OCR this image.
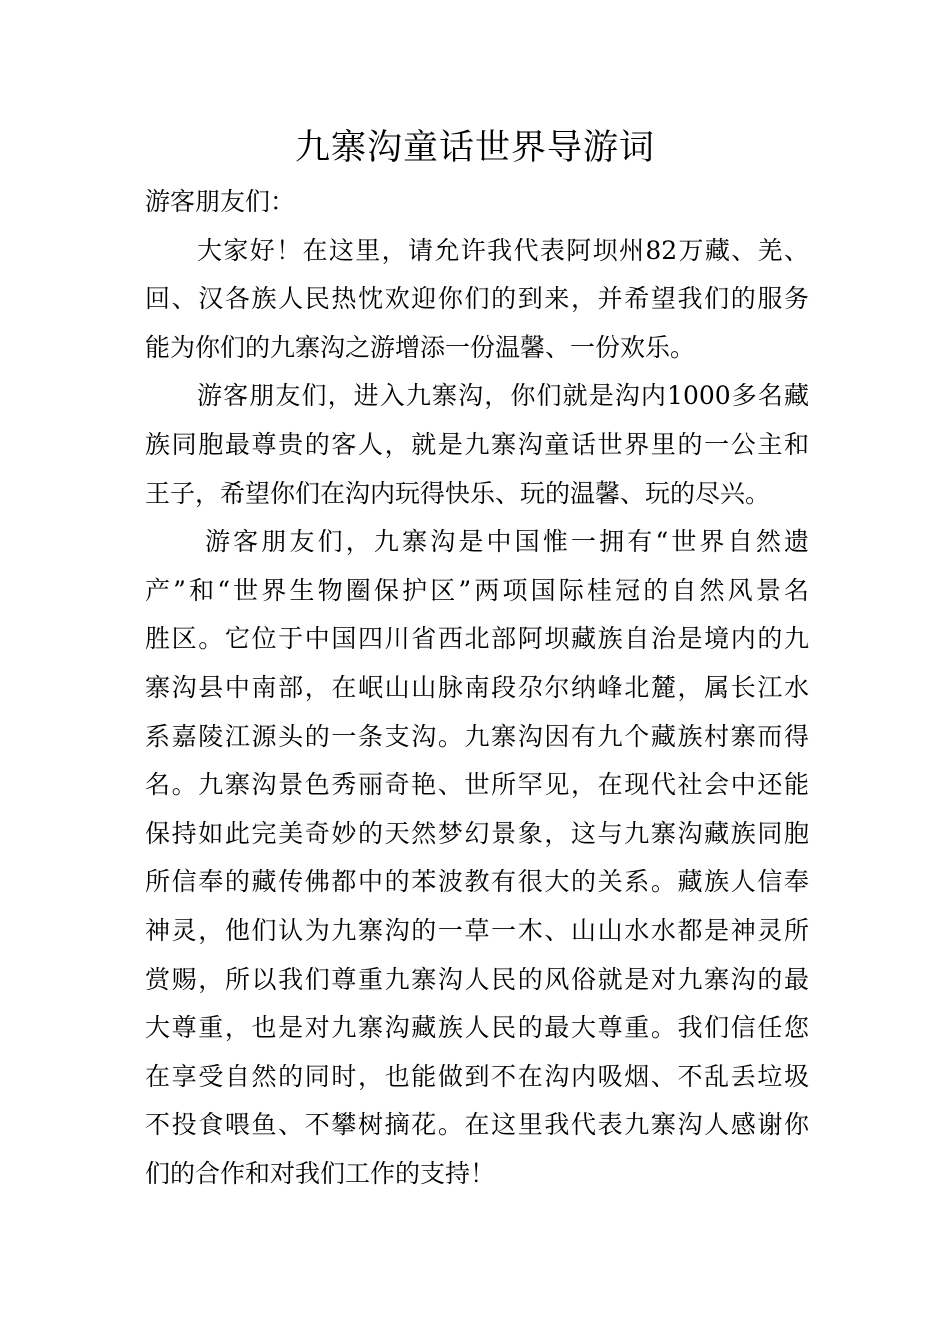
九寨沟童话世界导游词
游客朋友们：
大家好！在这里，请允许我代表阿坝州82万藏、羌、
回、汉各族人民热忱欢迎你们的到来，并希望我们的服务
能为你们的九寨沟之游增添一份温馨、一份欢乐。
游客朋友们，进入九寨沟，你们就是沟内1000多名藏
族同胞最尊贵的客人，就是九寨沟童话世界里的一公主和
王子，希望你们在沟内玩得快乐、玩的温馨、玩的尽兴。
游客朋友们，九寨沟是中国惟一拥有“世界自然遗
产”和“世界生物圈保护区”两项国际桂冠的自然风景名
胜区。它位于中国四川省西北部阿坝藏族自治是境内的九
寨沟县中南部，在岷山山脉南段尕尔纳峰北麓，属长江水
系嘉陵江源头的一条支沟。九寨沟因有九个藏族村寨而得
名。九寨沟景色秀丽奇艳、世所罕见，在现代社会中还能
保持如此完美奇妙的天然梦幻景象，这与九寨沟藏族同胞
所信奉的藏传佛都中的苯波教有很大的关系。藏族人信奉
神灵，他们认为九寨沟的一草一木、山山水水都是神灵所
赏赐，所以我们尊重九寨沟人民的风俗就是对九寨沟的最
大尊重，也是对九寨沟藏族人民的最大尊重。我们信任您
在享受自然的同时，也能做到不在沟内吸烟、不乱丢垃圾
不投食喂鱼、不攀树摘花。在这里我代表九寨沟人感谢你
们的合作和对我们工作的支持！
